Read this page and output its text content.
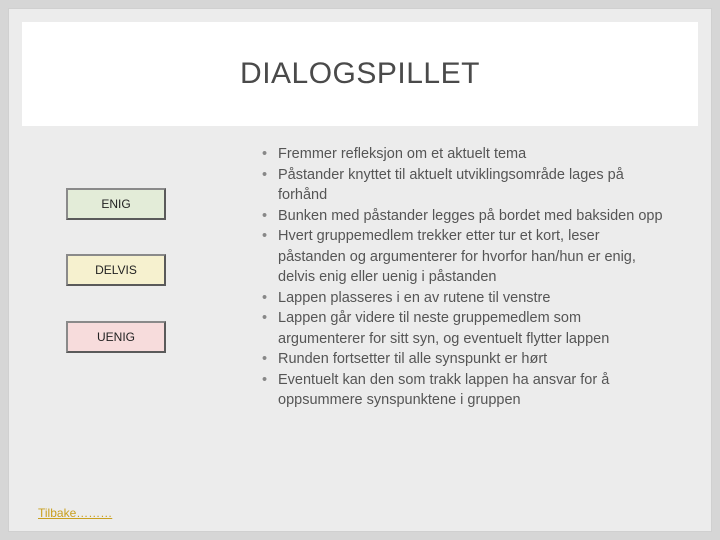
DIALOGSPILLET
ENIG
DELVIS
UENIG
• Fremmer refleksjon om et aktuelt tema
• Påstander knyttet til aktuelt utviklingsområde lages på forhånd
• Bunken med påstander legges på bordet med baksiden opp
• Hvert gruppemedlem trekker etter tur et kort, leser påstanden og argumenterer for hvorfor han/hun er enig, delvis enig eller uenig i påstanden
• Lappen plasseres i en av rutene til venstre
• Lappen går videre til neste gruppemedlem som argumenterer for sitt syn, og eventuelt flytter lappen
• Runden fortsetter til alle synspunkt er hørt
• Eventuelt kan den som trakk lappen ha ansvar for å oppsummere synspunktene i gruppen
Tilbake………
